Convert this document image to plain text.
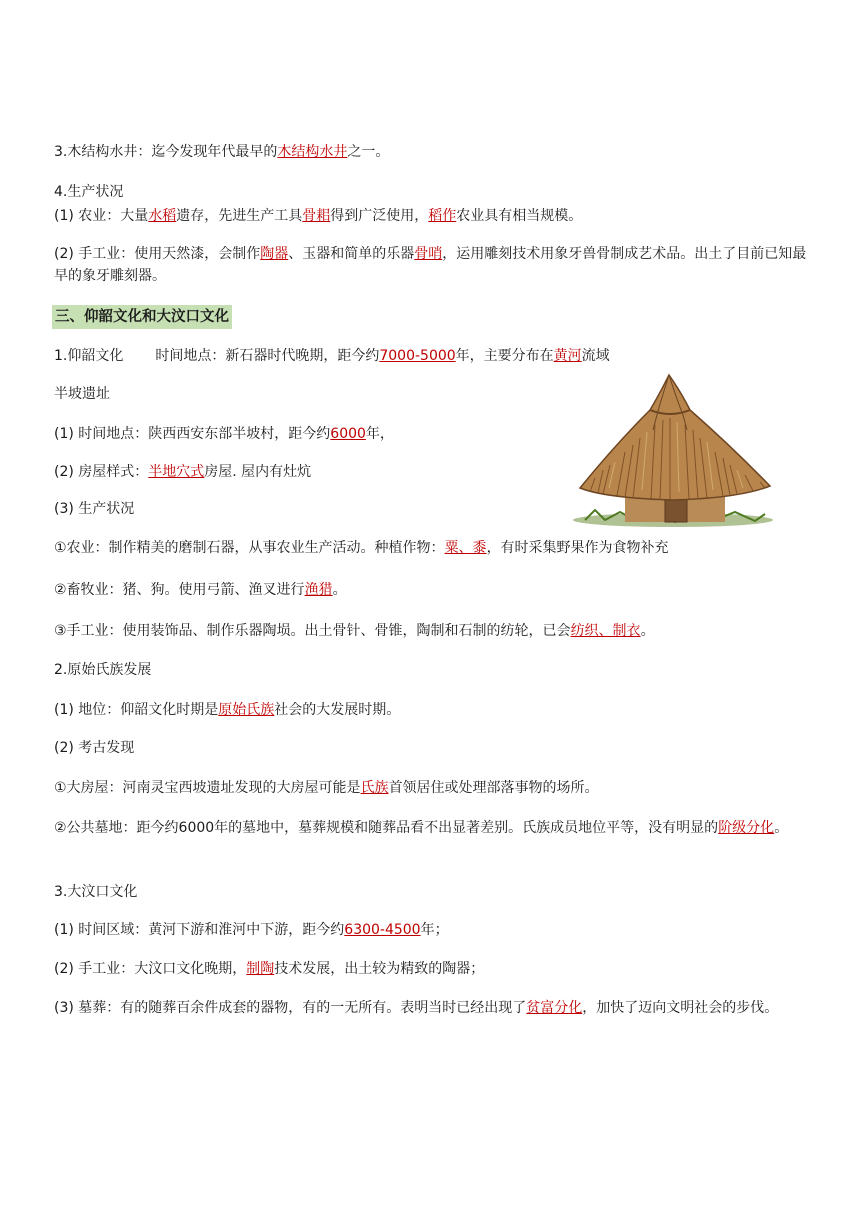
3.木结构水井：迄今发现年代最早的木结构水井之一。
4.生产状况
(1) 农业：大量水稻遗存，先进生产工具骨耜得到广泛使用，稻作农业具有相当规模。
(2) 手工业：使用天然漆，会制作陶器、玉器和简单的乐器骨哨，运用雕刻技术用象牙兽骨制成艺术品。出土了目前已知最早的象牙雕刻器。
三、仰韶文化和大汶口文化
1.仰韶文化 时间地点：新石器时代晚期，距今约7000-5000年，主要分布在黄河流域
半坡遗址
(1) 时间地点：陕西西安东部半坡村，距今约6000年，
(2) 房屋样式：半地穴式房屋. 屋内有灶炕
(3) 生产状况
①农业：制作精美的磨制石器，从事农业生产活动。种植作物：粟、黍，有时采集野果作为食物补充
②畜牧业：猪、狗。使用弓箭、渔叉进行渔猎。
③手工业：使用装饰品、制作乐器陶埙。出土骨针、骨锥，陶制和石制的纺轮，已会纺织、制衣。
2.原始氏族发展
(1) 地位：仰韶文化时期是原始氏族社会的大发展时期。
(2) 考古发现
①大房屋：河南灵宝西坡遗址发现的大房屋可能是氏族首领居住或处理部落事物的场所。
②公共墓地：距今约6000年的墓地中，墓葬规模和随葬品看不出显著差别。氏族成员地位平等，没有明显的阶级分化。
3.大汶口文化
(1) 时间区域：黄河下游和淮河中下游，距今约6300-4500年；
(2) 手工业：大汶口文化晚期，制陶技术发展，出土较为精致的陶器；
(3) 墓葬：有的随葬百余件成套的器物，有的一无所有。表明当时已经出现了贫富分化，加快了迈向文明社会的步伐。
